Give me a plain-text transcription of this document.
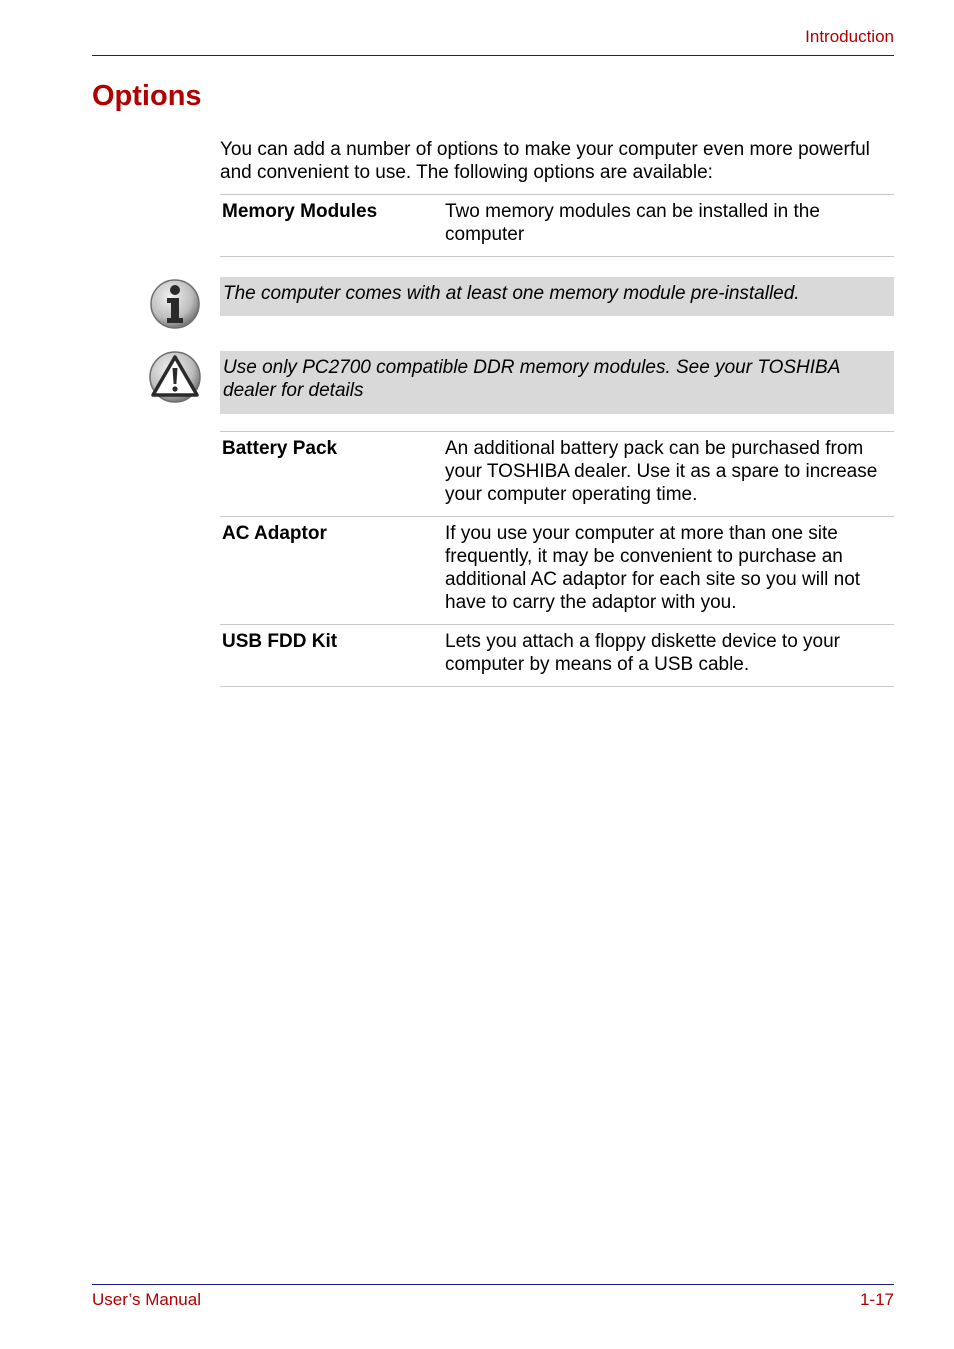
Introduction
Options

You can add a number of options to make your computer even more powerful and convenient to use. The following options are available:

Memory Modules	Two memory modules can be installed in the computer
The computer comes with at least one memory module pre-installed.
Use only PC2700 compatible DDR memory modules. See your TOSHIBA dealer for details
Battery Pack	An additional battery pack can be purchased from your TOSHIBA dealer. Use it as a spare to increase your computer operating time.
AC Adaptor	If you use your computer at more than one site frequently, it may be convenient to purchase an additional AC adaptor for each site so you will not have to carry the adaptor with you.
USB FDD Kit	Lets you attach a floppy diskette device to your computer by means of a USB cable.
User’s Manual	1-17
